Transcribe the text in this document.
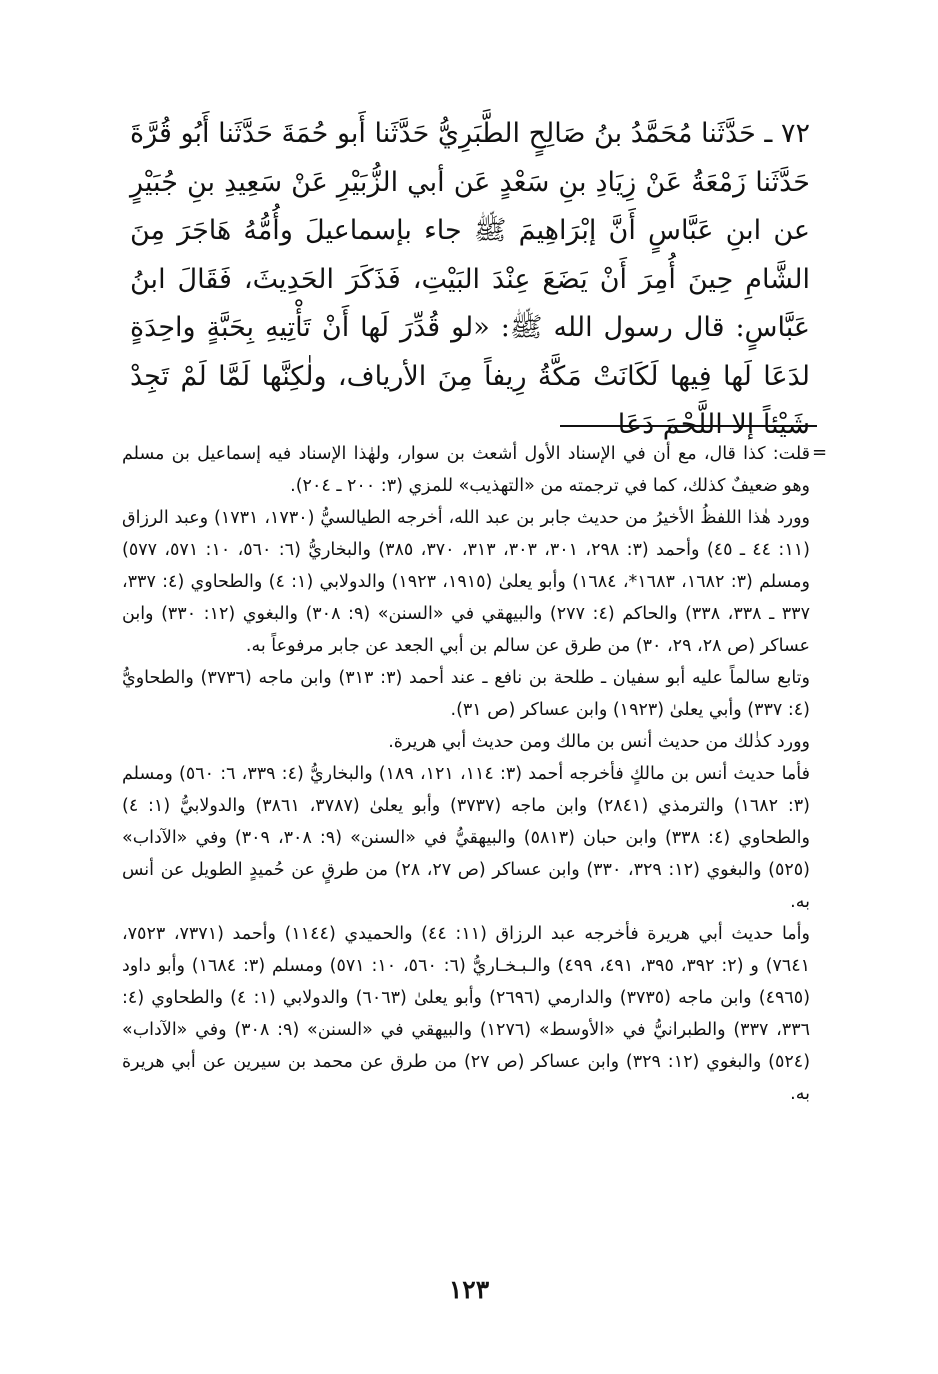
٧٢ ـ حَدَّثَنا مُحَمَّدُ بنُ صَالِحٍ الطَّبَرِيُّ حَدَّثَنا أَبو حُمَةَ حَدَّثَنا أَبُو قُرَّةَ حَدَّثَنا زَمْعَةُ عَنْ زِيَادِ بنِ سَعْدٍ عَن أبي الزُّبَيْرِ عَنْ سَعِيدِ بنِ جُبَيْرٍ عن ابنِ عَبَّاسٍ أَنَّ إبْرَاهِيمَ ﷺ جاء بإسماعيلَ وأُمُّهُ هَاجَرَ مِنَ الشَّامِ حِينَ أُمِرَ أَنْ يَضَعَ عِنْدَ البَيْتِ، فَذَكَرَ الحَدِيثَ، فَقَالَ ابنُ عَبَّاسٍ: قال رسول الله ﷺ: «لو قُدِّرَ لَها أَنْ تَأْتِيهِ بِحَبَّةٍ واحِدَةٍ لدَعَا لَها فِيها لَكَانَتْ مَكَّةُ رِيفاً مِنَ الأرياف، ولٰكِنَّها لَمَّا لَمْ تَجِدْ شَيْئاً إلا اللَّحْمَ دَعَا

=

قلت: كذا قال، مع أن في الإسناد الأول أشعث بن سوار، ولهٰذا الإسناد فيه إسماعيل بن مسلم وهو ضعيفٌ كذلك، كما في ترجمته من «التهذيب» للمزي (٣: ٢٠٠ ـ ٢٠٤).

وورد هٰذا اللفظُ الأخيرُ من حديث جابر بن عبد الله، أخرجه الطيالسيُّ (١٧٣٠، ١٧٣١) وعبد الرزاق (١١: ٤٤ ـ ٤٥) وأحمد (٣: ٢٩٨، ٣٠١، ٣٠٣، ٣١٣، ٣٧٠، ٣٨٥) والبخاريُّ (٦: ٥٦٠، ١٠: ٥٧١، ٥٧٧) ومسلم (٣: ١٦٨٢، ١٦٨٣*، ١٦٨٤) وأبو يعلىٰ (١٩١٥، ١٩٢٣) والدولابي (١: ٤) والطحاوي (٤: ٣٣٧، ٣٣٧ ـ ٣٣٨، ٣٣٨) والحاكم (٤: ٢٧٧) والبيهقي في «السنن» (٩: ٣٠٨) والبغوي (١٢: ٣٣٠) وابن عساكر (ص ٢٨، ٢٩، ٣٠) من طرق عن سالم بن أبي الجعد عن جابر مرفوعاً به.

وتابع سالماً عليه أبو سفيان ـ طلحة بن نافع ـ عند أحمد (٣: ٣١٣) وابن ماجه (٣٧٣٦) والطحاويُّ (٤: ٣٣٧) وأبي يعلىٰ (١٩٢٣) وابن عساكر (ص ٣١).

وورد كذٰلك من حديث أنس بن مالك ومن حديث أبي هريرة.

فأما حديث أنس بن مالكٍ فأخرجه أحمد (٣: ١١٤، ١٢١، ١٨٩) والبخاريُّ (٤: ٣٣٩، ٦: ٥٦٠) ومسلم (٣: ١٦٨٢) والترمذي (٢٨٤١) وابن ماجه (٣٧٣٧) وأبو يعلىٰ (٣٧٨٧، ٣٨٦١) والدولابيُّ (١: ٤) والطحاوي (٤: ٣٣٨) وابن حبان (٥٨١٣) والبيهقيُّ في «السنن» (٩: ٣٠٨، ٣٠٩) وفي «الآداب» (٥٢٥) والبغوي (١٢: ٣٢٩، ٣٣٠) وابن عساكر (ص ٢٧، ٢٨) من طرقٍ عن حُميدٍ الطويل عن أنس به.

وأما حديث أبي هريرة فأخرجه عبد الرزاق (١١: ٤٤) والحميدي (١١٤٤) وأحمد (٧٣٧١، ٧٥٢٣، ٧٦٤١) و (٢: ٣٩٢، ٣٩٥، ٤٩١، ٤٩٩) والـبـخـاريُّ (٦: ٥٦٠، ١٠: ٥٧١) ومسلم (٣: ١٦٨٤) وأبو داود (٤٩٦٥) وابن ماجه (٣٧٣٥) والدارمي (٢٦٩٦) وأبو يعلىٰ (٦٠٦٣) والدولابي (١: ٤) والطحاوي (٤: ٣٣٦، ٣٣٧) والطبرانيُّ في «الأوسط» (١٢٧٦) والبيهقي في «السنن» (٩: ٣٠٨) وفي «الآداب» (٥٢٤) والبغوي (١٢: ٣٢٩) وابن عساكر (ص ٢٧) من طرق عن محمد بن سيرين عن أبي هريرة به.

١٢٣
